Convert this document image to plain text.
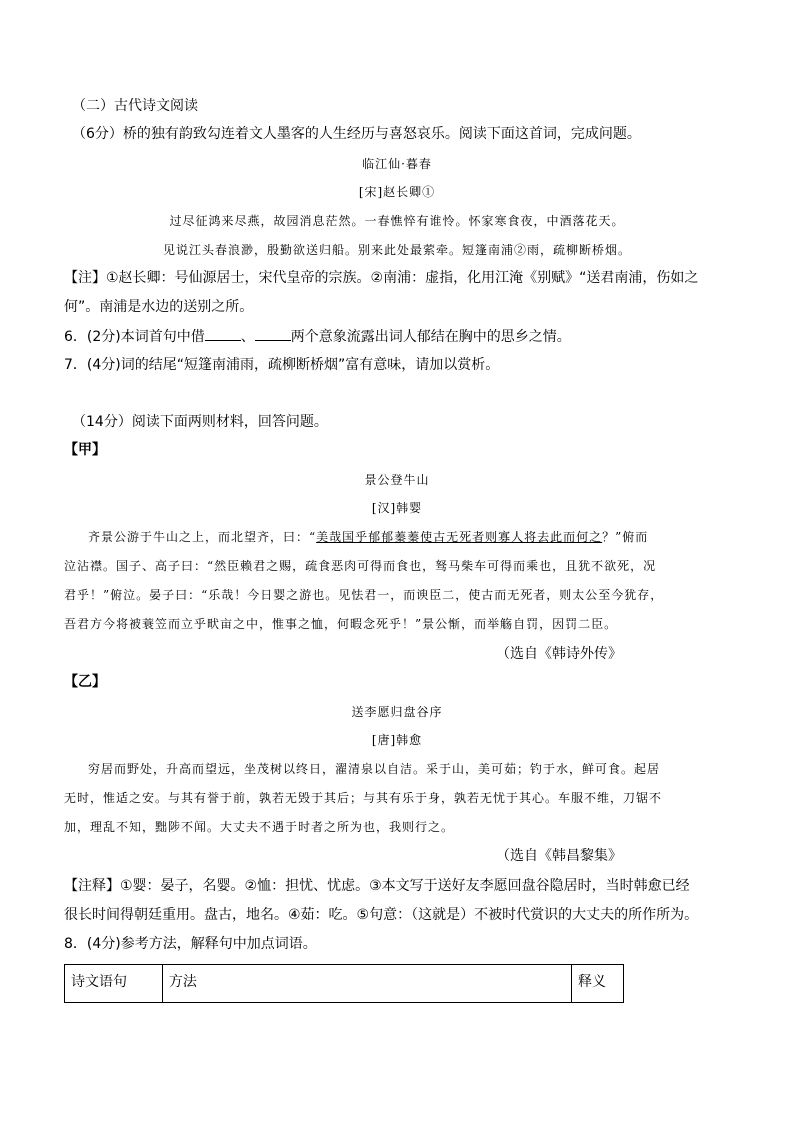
（二）古代诗文阅读
（6分）桥的独有韵致勾连着文人墨客的人生经历与喜怒哀乐。阅读下面这首词，完成问题。
临江仙·暮春
[宋]赵长卿①
过尽征鸿来尽燕，故园消息茫然。一春憔悴有谁怜。怀家寒食夜，中酒落花天。
见说江头春浪渺，殷勤欲送归船。别来此处最萦牵。短篷南浦②雨，疏柳断桥烟。
【注】①赵长卿：号仙源居士，宋代皇帝的宗族。②南浦：虚指，化用江淹《别赋》“送君南浦，伤如之
何”。南浦是水边的送别之所。
6．(2分)本词首句中借	、	两个意象流露出词人郁结在胸中的思乡之情。
7．(4分)词的结尾“短篷南浦雨，疏柳断桥烟”富有意味，请加以赏析。
（14分）阅读下面两则材料，回答问题。
【甲】
景公登牛山
[汉]韩婴
齐景公游于牛山之上，而北望齐，曰：“美哉国乎郁郁蓁蓁使古无死者则寡人将去此而何之？”俯而
泣沾襟。国子、高子曰：“然臣赖君之赐，疏食恶肉可得而食也，驽马柴车可得而乘也，且犹不欲死，况
君乎！”俯泣。晏子曰：“乐哉！今日婴之游也。见怯君一，而谀臣二，使古而无死者，则太公至今犹存，
吾君方今将被蓑笠而立乎畎亩之中，惟事之恤，何暇念死乎！”景公惭，而举觞自罚，因罚二臣。
（选自《韩诗外传》
【乙】
送李愿归盘谷序
[唐]韩愈
穷居而野处，升高而望远，坐茂树以终日，濯清泉以自洁。采于山，美可茹；钓于水，鲜可食。起居
无时，惟适之安。与其有誉于前，孰若无毁于其后；与其有乐于身，孰若无忧于其心。车服不维，刀锯不
加，理乱不知，黜陟不闻。大丈夫不遇于时者之所为也，我则行之。
（选自《韩昌黎集》
【注释】①婴：晏子，名婴。②恤：担忧、忧虑。③本文写于送好友李愿回盘谷隐居时，当时韩愈已经
很长时间得朝廷重用。盘古，地名。④茹：吃。⑤句意：（这就是）不被时代赏识的大丈夫的所作所为。
8．(4分)参考方法，解释句中加点词语。
诗文语句	方法	释义
